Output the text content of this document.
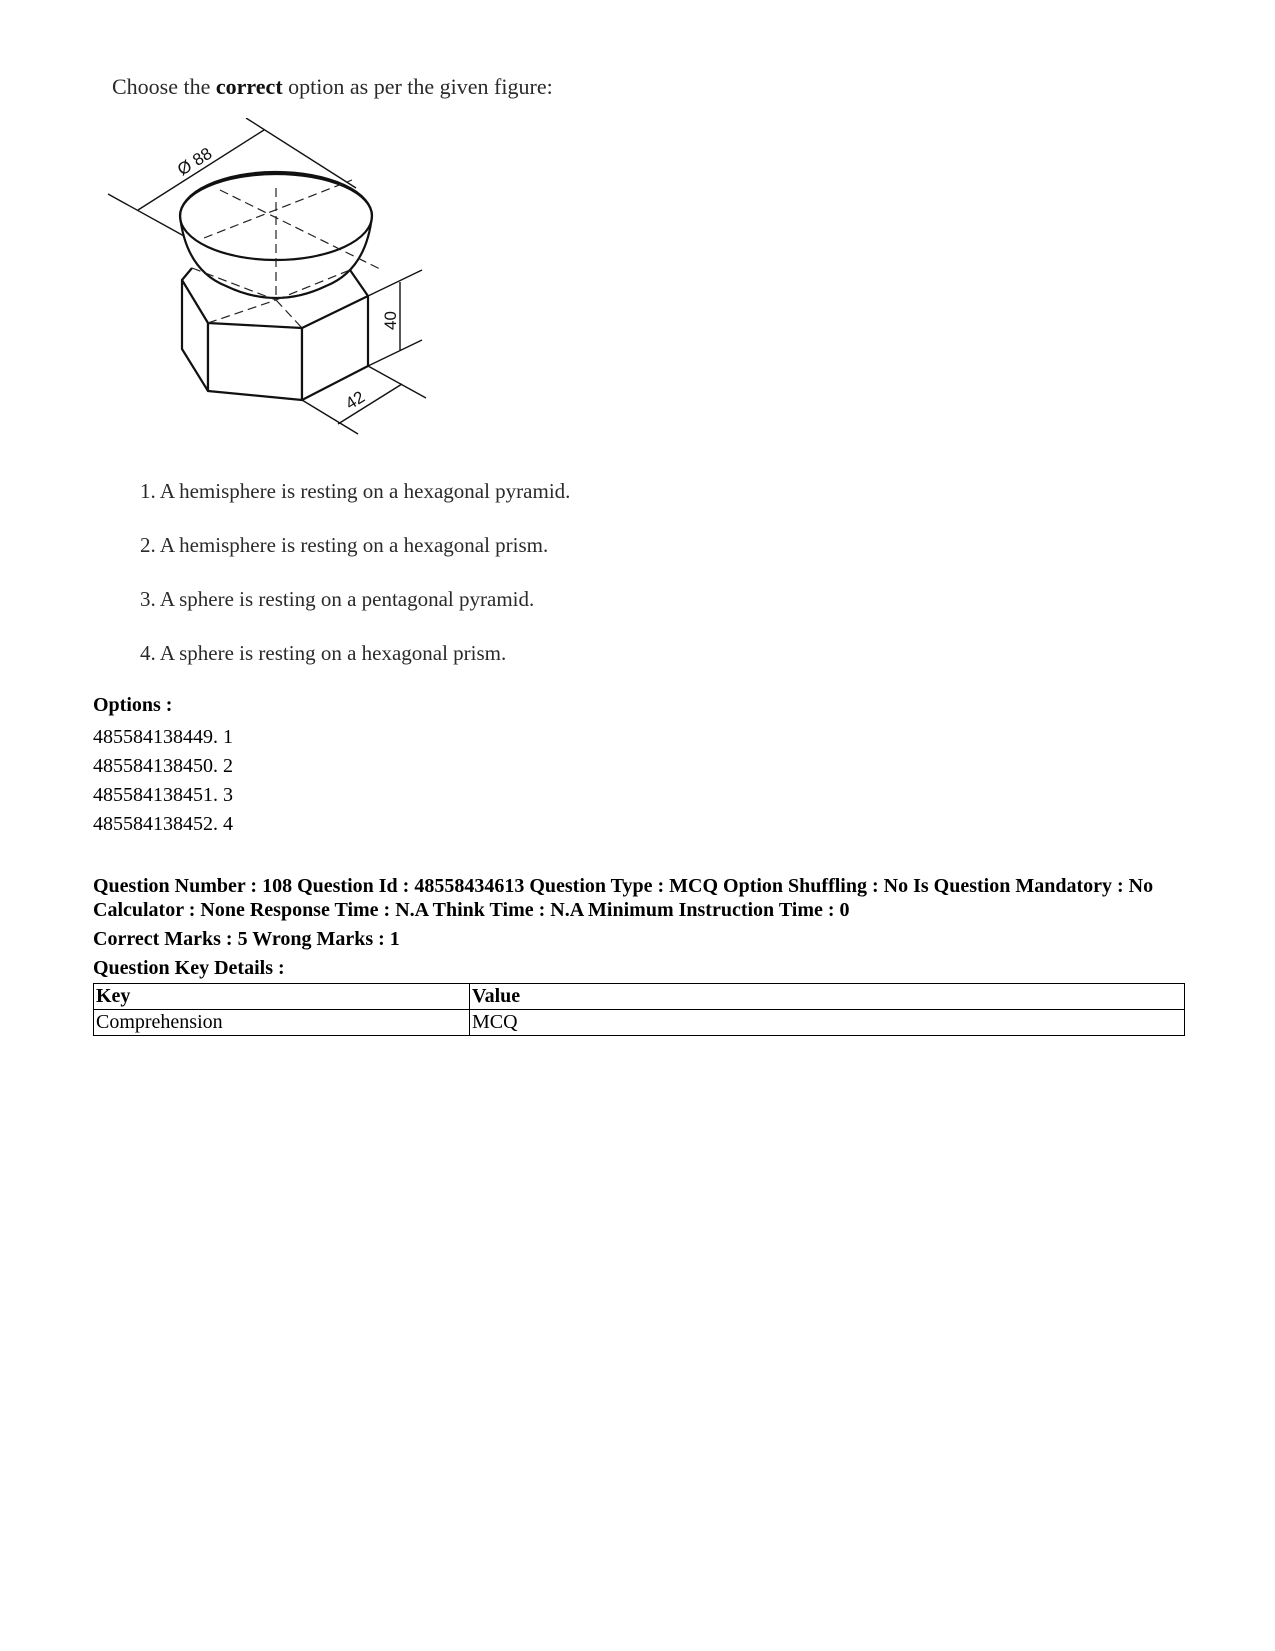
Choose the correct option as per the given figure:
Ø 88
40
42
1. A hemisphere is resting on a hexagonal pyramid.
2. A hemisphere is resting on a hexagonal prism.
3. A sphere is resting on a pentagonal pyramid.
4. A sphere is resting on a hexagonal prism.
Options :
485584138449. 1
485584138450. 2
485584138451. 3
485584138452. 4
Question Number : 108 Question Id : 48558434613 Question Type : MCQ Option Shuffling : No Is Question Mandatory : No Calculator : None Response Time : N.A Think Time : N.A Minimum Instruction Time : 0
Correct Marks : 5 Wrong Marks : 1
Question Key Details :
Key	Value
Comprehension	MCQ
